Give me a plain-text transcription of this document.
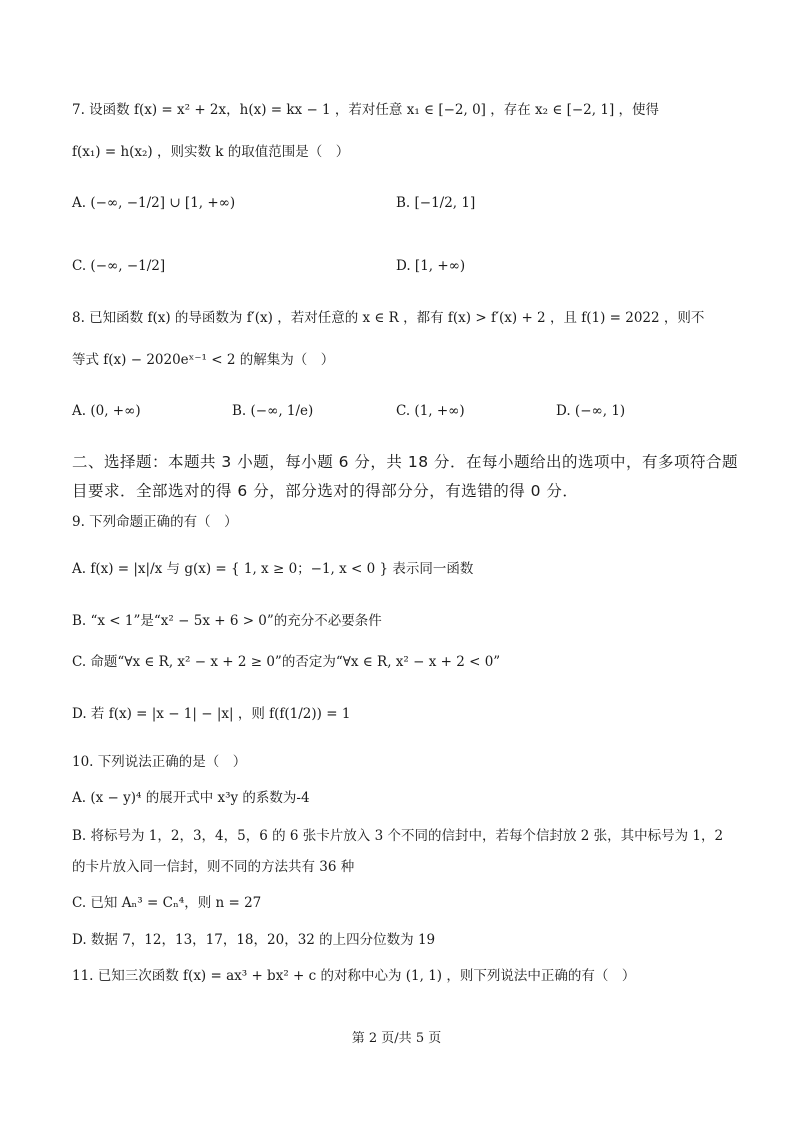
7. 设函数 f(x) = x² + 2x，h(x) = kx − 1 ，若对任意 x₁ ∈ [−2, 0] ，存在 x₂ ∈ [−2, 1] ，使得
f(x₁) = h(x₂) ，则实数 k 的取值范围是（　）
A. (−∞, −1/2] ∪ [1, +∞)	B. [−1/2, 1]
C. (−∞, −1/2]	D. [1, +∞)
8. 已知函数 f(x) 的导函数为 f′(x) ，若对任意的 x ∈ R ，都有 f(x) > f′(x) + 2 ，且 f(1) = 2022 ，则不
等式 f(x) − 2020eˣ⁻¹ < 2 的解集为（　）
A. (0, +∞)	B. (−∞, 1/e)	C. (1, +∞)	D. (−∞, 1)
二、选择题：本题共 3 小题，每小题 6 分，共 18 分．在每小题给出的选项中，有多项符合题
目要求．全部选对的得 6 分，部分选对的得部分分，有选错的得 0 分．
9. 下列命题正确的有（　）
A. f(x) = |x|/x 与 g(x) = { 1, x ≥ 0；−1, x < 0 } 表示同一函数
B. “x < 1”是“x² − 5x + 6 > 0”的充分不必要条件
C. 命题“∀x ∈ R, x² − x + 2 ≥ 0”的否定为“∀x ∈ R, x² − x + 2 < 0”
D. 若 f(x) = |x − 1| − |x| ，则 f(f(1/2)) = 1
10. 下列说法正确的是（　）
A. (x − y)⁴ 的展开式中 x³y 的系数为-4
B. 将标号为 1，2，3，4，5，6 的 6 张卡片放入 3 个不同的信封中，若每个信封放 2 张，其中标号为 1，2
的卡片放入同一信封，则不同的方法共有 36 种
C. 已知 Aₙ³ = Cₙ⁴，则 n = 27
D. 数据 7，12，13，17，18，20，32 的上四分位数为 19
11. 已知三次函数 f(x) = ax³ + bx² + c 的对称中心为 (1, 1) ，则下列说法中正确的有（　）
第 2 页/共 5 页
